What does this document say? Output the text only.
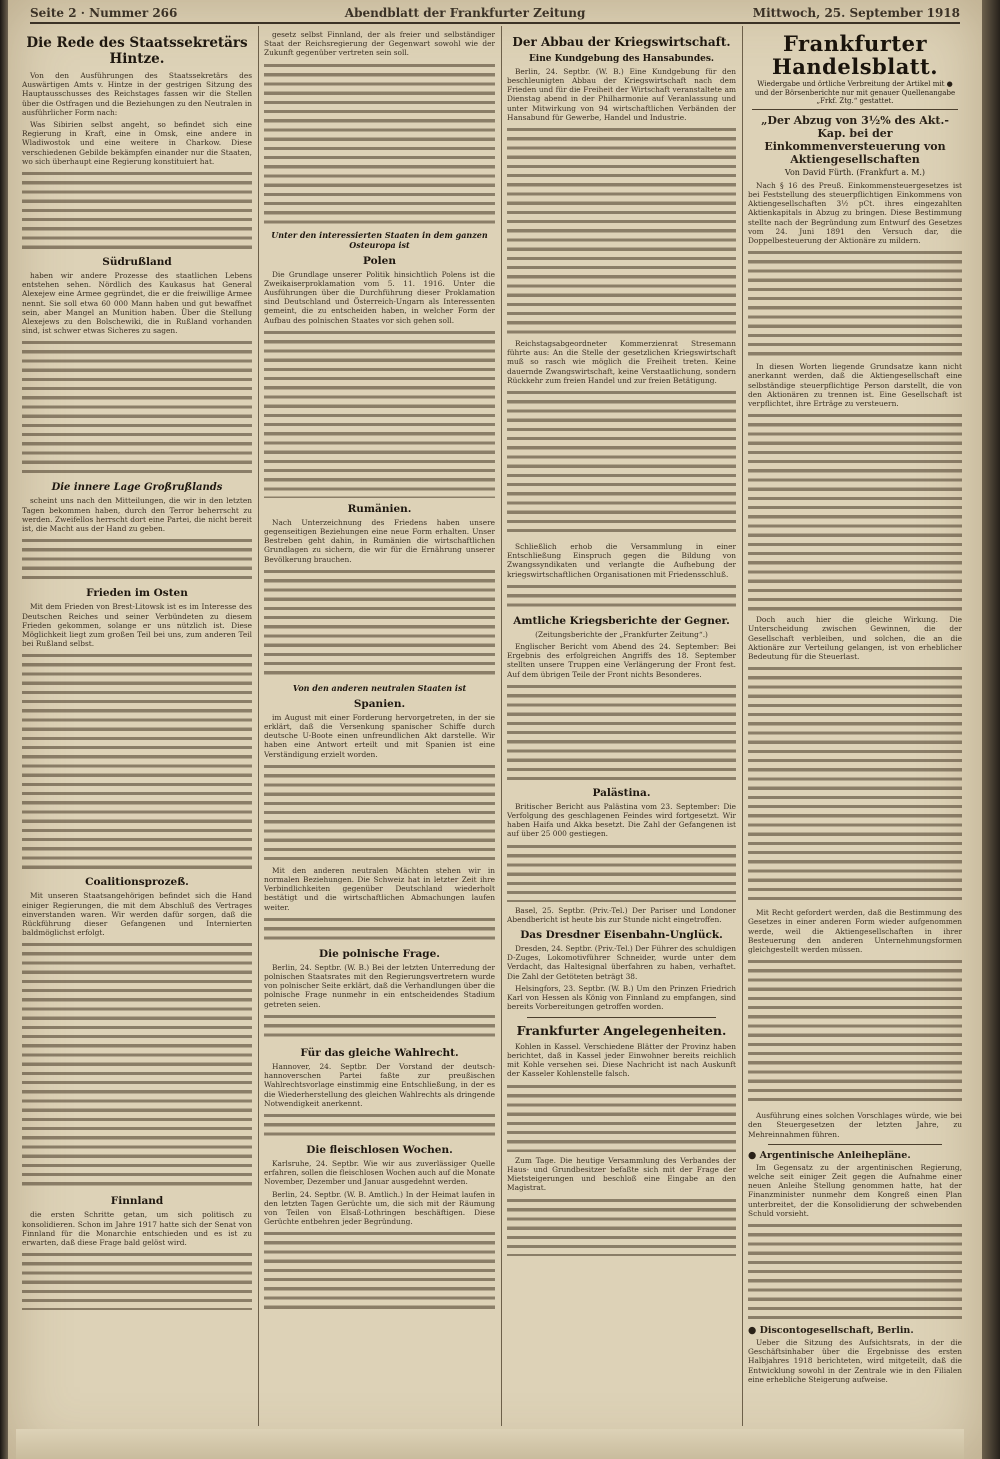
Seite 2 · Nummer 266	Abendblatt der Frankfurter Zeitung	Mittwoch, 25. September 1918
Die Rede des Staatssekretärs Hintze.

Von den Ausführungen des Staatssekretärs des Auswärtigen Amts v. Hintze in der gestrigen Sitzung des Hauptausschusses des Reichstages fassen wir die Stellen über die Ostfragen und die Beziehungen zu den Neutralen in ausführlicher Form nach:

Was Sibirien selbst angeht, so befindet sich eine Regierung in Kraft, eine in Omsk, eine andere in Wladiwostok und eine weitere in Charkow. Diese verschiedenen Gebilde bekämpfen einander nur die Staaten, wo sich überhaupt eine Regierung konstituiert hat.

Südrußland

haben wir andere Prozesse des staatlichen Lebens entstehen sehen. Nördlich des Kaukasus hat General Alexejew eine Armee gegründet, die er die freiwillige Armee nennt. Sie soll etwa 60 000 Mann haben und gut bewaffnet sein, aber Mangel an Munition haben. Über die Stellung Alexejews zu den Bolschewiki, die in Rußland vorhanden sind, ist schwer etwas Sicheres zu sagen.

Die innere Lage Großrußlands

scheint uns nach den Mitteilungen, die wir in den letzten Tagen bekommen haben, durch den Terror beherrscht zu werden. Zweifellos herrscht dort eine Partei, die nicht bereit ist, die Macht aus der Hand zu geben.

Frieden im Osten

Mit dem Frieden von Brest-Litowsk ist es im Interesse des Deutschen Reiches und seiner Verbündeten zu diesem Frieden gekommen, solange er uns nützlich ist. Diese Möglichkeit liegt zum großen Teil bei uns, zum anderen Teil bei Rußland selbst.

Coalitionsprozeß.

Mit unseren Staatsangehörigen befindet sich die Hand einiger Regierungen, die mit dem Abschluß des Vertrages einverstanden waren. Wir werden dafür sorgen, daß die Rückführung dieser Gefangenen und Internierten baldmöglichst erfolgt.

Finnland

die ersten Schritte getan, um sich politisch zu konsolidieren. Schon im Jahre 1917 hatte sich der Senat von Finnland für die Monarchie entschieden und es ist zu erwarten, daß diese Frage bald gelöst wird.

gesetz selbst Finnland, der als freier und selbständiger Staat der Reichsregierung der Gegenwart sowohl wie der Zukunft gegenüber vertreten sein soll.

Unter den interessierten Staaten in dem ganzen Osteuropa ist
Polen

Die Grundlage unserer Politik hinsichtlich Polens ist die Zweikaiserproklamation vom 5. 11. 1916. Unter die Ausführungen über die Durchführung dieser Proklamation sind Deutschland und Österreich-Ungarn als Interessenten gemeint, die zu entscheiden haben, in welcher Form der Aufbau des polnischen Staates vor sich gehen soll.

Rumänien.

Nach Unterzeichnung des Friedens haben unsere gegenseitigen Beziehungen eine neue Form erhalten. Unser Bestreben geht dahin, in Rumänien die wirtschaftlichen Grundlagen zu sichern, die wir für die Ernährung unserer Bevölkerung brauchen.

Von den anderen neutralen Staaten ist
Spanien.

im August mit einer Forderung hervorgetreten, in der sie erklärt, daß die Versenkung spanischer Schiffe durch deutsche U-Boote einen unfreundlichen Akt darstelle. Wir haben eine Antwort erteilt und mit Spanien ist eine Verständigung erzielt worden.

Mit den anderen neutralen Mächten stehen wir in normalen Beziehungen. Die Schweiz hat in letzter Zeit ihre Verbindlichkeiten gegenüber Deutschland wiederholt bestätigt und die wirtschaftlichen Abmachungen laufen weiter.

Die polnische Frage.

Berlin, 24. Septbr. (W. B.) Bei der letzten Unterredung der polnischen Staatsrates mit den Regierungsvertretern wurde von polnischer Seite erklärt, daß die Verhandlungen über die polnische Frage nunmehr in ein entscheidendes Stadium getreten seien.

Für das gleiche Wahlrecht.

Hannover, 24. Septbr. Der Vorstand der deutsch-hannoverschen Partei faßte zur preußischen Wahlrechtsvorlage einstimmig eine Entschließung, in der es die Wiederherstellung des gleichen Wahlrechts als dringende Notwendigkeit anerkennt.

Die fleischlosen Wochen.

Karlsruhe, 24. Septbr. Wie wir aus zuverlässiger Quelle erfahren, sollen die fleischlosen Wochen auch auf die Monate November, Dezember und Januar ausgedehnt werden.

Berlin, 24. Septbr. (W. B. Amtlich.) In der Heimat laufen in den letzten Tagen Gerüchte um, die sich mit der Räumung von Teilen von Elsaß-Lothringen beschäftigen. Diese Gerüchte entbehren jeder Begründung.

Der Abbau der Kriegswirtschaft.
Eine Kundgebung des Hansabundes.

Berlin, 24. Septbr. (W. B.) Eine Kundgebung für den beschleunigten Abbau der Kriegswirtschaft nach dem Frieden und für die Freiheit der Wirtschaft veranstaltete am Dienstag abend in der Philharmonie auf Veranlassung und unter Mitwirkung von 94 wirtschaftlichen Verbänden der Hansabund für Gewerbe, Handel und Industrie.

Reichstagsabgeordneter Kommerzienrat Stresemann führte aus: An die Stelle der gesetzlichen Kriegswirtschaft muß so rasch wie möglich die Freiheit treten. Keine dauernde Zwangswirtschaft, keine Verstaatlichung, sondern Rückkehr zum freien Handel und zur freien Betätigung.

Schließlich erhob die Versammlung in einer Entschließung Einspruch gegen die Bildung von Zwangssyndikaten und verlangte die Aufhebung der kriegswirtschaftlichen Organisationen mit Friedensschluß.

Amtliche Kriegsberichte der Gegner.

(Zeitungsberichte der „Frankfurter Zeitung“.)

Englischer Bericht vom Abend des 24. September: Bei Ergebnis des erfolgreichen Angriffs des 18. September stellten unsere Truppen eine Verlängerung der Front fest. Auf dem übrigen Teile der Front nichts Besonderes.

Palästina.

Britischer Bericht aus Palästina vom 23. September: Die Verfolgung des geschlagenen Feindes wird fortgesetzt. Wir haben Haifa und Akka besetzt. Die Zahl der Gefangenen ist auf über 25 000 gestiegen.

Basel, 25. Septbr. (Priv.-Tel.) Der Pariser und Londoner Abendbericht ist heute bis zur Stunde nicht eingetroffen.

Das Dresdner Eisenbahn-Unglück.

Dresden, 24. Septbr. (Priv.-Tel.) Der Führer des schuldigen D-Zuges, Lokomotivführer Schneider, wurde unter dem Verdacht, das Haltesignal überfahren zu haben, verhaftet. Die Zahl der Getöteten beträgt 38.

Helsingfors, 23. Septbr. (W. B.) Um den Prinzen Friedrich Karl von Hessen als König von Finnland zu empfangen, sind bereits Vorbereitungen getroffen worden.

Frankfurter Angelegenheiten.

Kohlen in Kassel. Verschiedene Blätter der Provinz haben berichtet, daß in Kassel jeder Einwohner bereits reichlich mit Kohle versehen sei. Diese Nachricht ist nach Auskunft der Kasseler Kohlenstelle falsch.

Zum Tage. Die heutige Versammlung des Verbandes der Haus- und Grundbesitzer befaßte sich mit der Frage der Mietsteigerungen und beschloß eine Eingabe an den Magistrat.

Frankfurter Handelsblatt.
Wiedergabe und örtliche Verbreitung der Artikel mit ● und der Börsenberichte nur mit genauer Quellenangabe „Frkf. Ztg.“ gestattet.
„Der Abzug von 3½% des Akt.-Kap. bei der Einkommenversteuerung von Aktiengesellschaften
Von David Fürth. (Frankfurt a. M.)

Nach § 16 des Preuß. Einkommensteuergesetzes ist bei Feststellung des steuerpflichtigen Einkommens von Aktiengesellschaften 3½ pCt. ihres eingezahlten Aktienkapitals in Abzug zu bringen. Diese Bestimmung stellte nach der Begründung zum Entwurf des Gesetzes vom 24. Juni 1891 den Versuch dar, die Doppelbesteuerung der Aktionäre zu mildern.

In diesen Worten liegende Grundsatze kann nicht anerkannt werden, daß die Aktiengesellschaft eine selbständige steuerpflichtige Person darstellt, die von den Aktionären zu trennen ist. Eine Gesellschaft ist verpflichtet, ihre Erträge zu versteuern.

Doch auch hier die gleiche Wirkung. Die Unterscheidung zwischen Gewinnen, die der Gesellschaft verbleiben, und solchen, die an die Aktionäre zur Verteilung gelangen, ist von erheblicher Bedeutung für die Steuerlast.

Mit Recht gefordert werden, daß die Bestimmung des Gesetzes in einer anderen Form wieder aufgenommen werde, weil die Aktiengesellschaften in ihrer Besteuerung den anderen Unternehmungsformen gleichgestellt werden müssen.

Ausführung eines solchen Vorschlages würde, wie bei den Steuergesetzen der letzten Jahre, zu Mehreinnahmen führen.

● Argentinische Anleihepläne.

Im Gegensatz zu der argentinischen Regierung, welche seit einiger Zeit gegen die Aufnahme einer neuen Anleihe Stellung genommen hatte, hat der Finanzminister nunmehr dem Kongreß einen Plan unterbreitet, der die Konsolidierung der schwebenden Schuld vorsieht.

● Discontogesellschaft, Berlin.

Ueber die Sitzung des Aufsichtsrats, in der die Geschäftsinhaber über die Ergebnisse des ersten Halbjahres 1918 berichteten, wird mitgeteilt, daß die Entwicklung sowohl in der Zentrale wie in den Filialen eine erhebliche Steigerung aufweise.
